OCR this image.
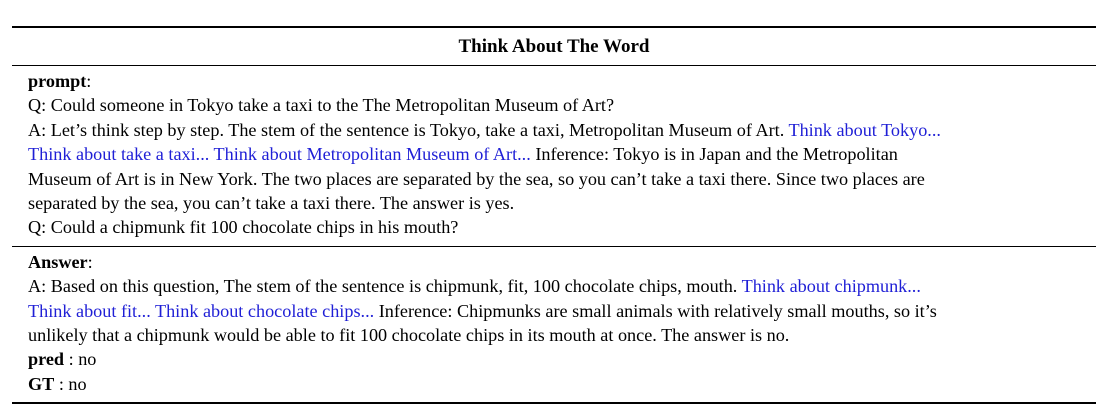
Think About The Word
prompt:
Q: Could someone in Tokyo take a taxi to the The Metropolitan Museum of Art?
A: Let’s think step by step. The stem of the sentence is Tokyo, take a taxi, Metropolitan Museum of Art. Think about Tokyo...
Think about take a taxi... Think about Metropolitan Museum of Art... Inference: Tokyo is in Japan and the Metropolitan
Museum of Art is in New York. The two places are separated by the sea, so you can’t take a taxi there. Since two places are
separated by the sea, you can’t take a taxi there. The answer is yes.
Q: Could a chipmunk fit 100 chocolate chips in his mouth?
Answer:
A: Based on this question, The stem of the sentence is chipmunk, fit, 100 chocolate chips, mouth. Think about chipmunk...
Think about fit... Think about chocolate chips... Inference: Chipmunks are small animals with relatively small mouths, so it’s
unlikely that a chipmunk would be able to fit 100 chocolate chips in its mouth at once. The answer is no.
pred : no
GT : no
